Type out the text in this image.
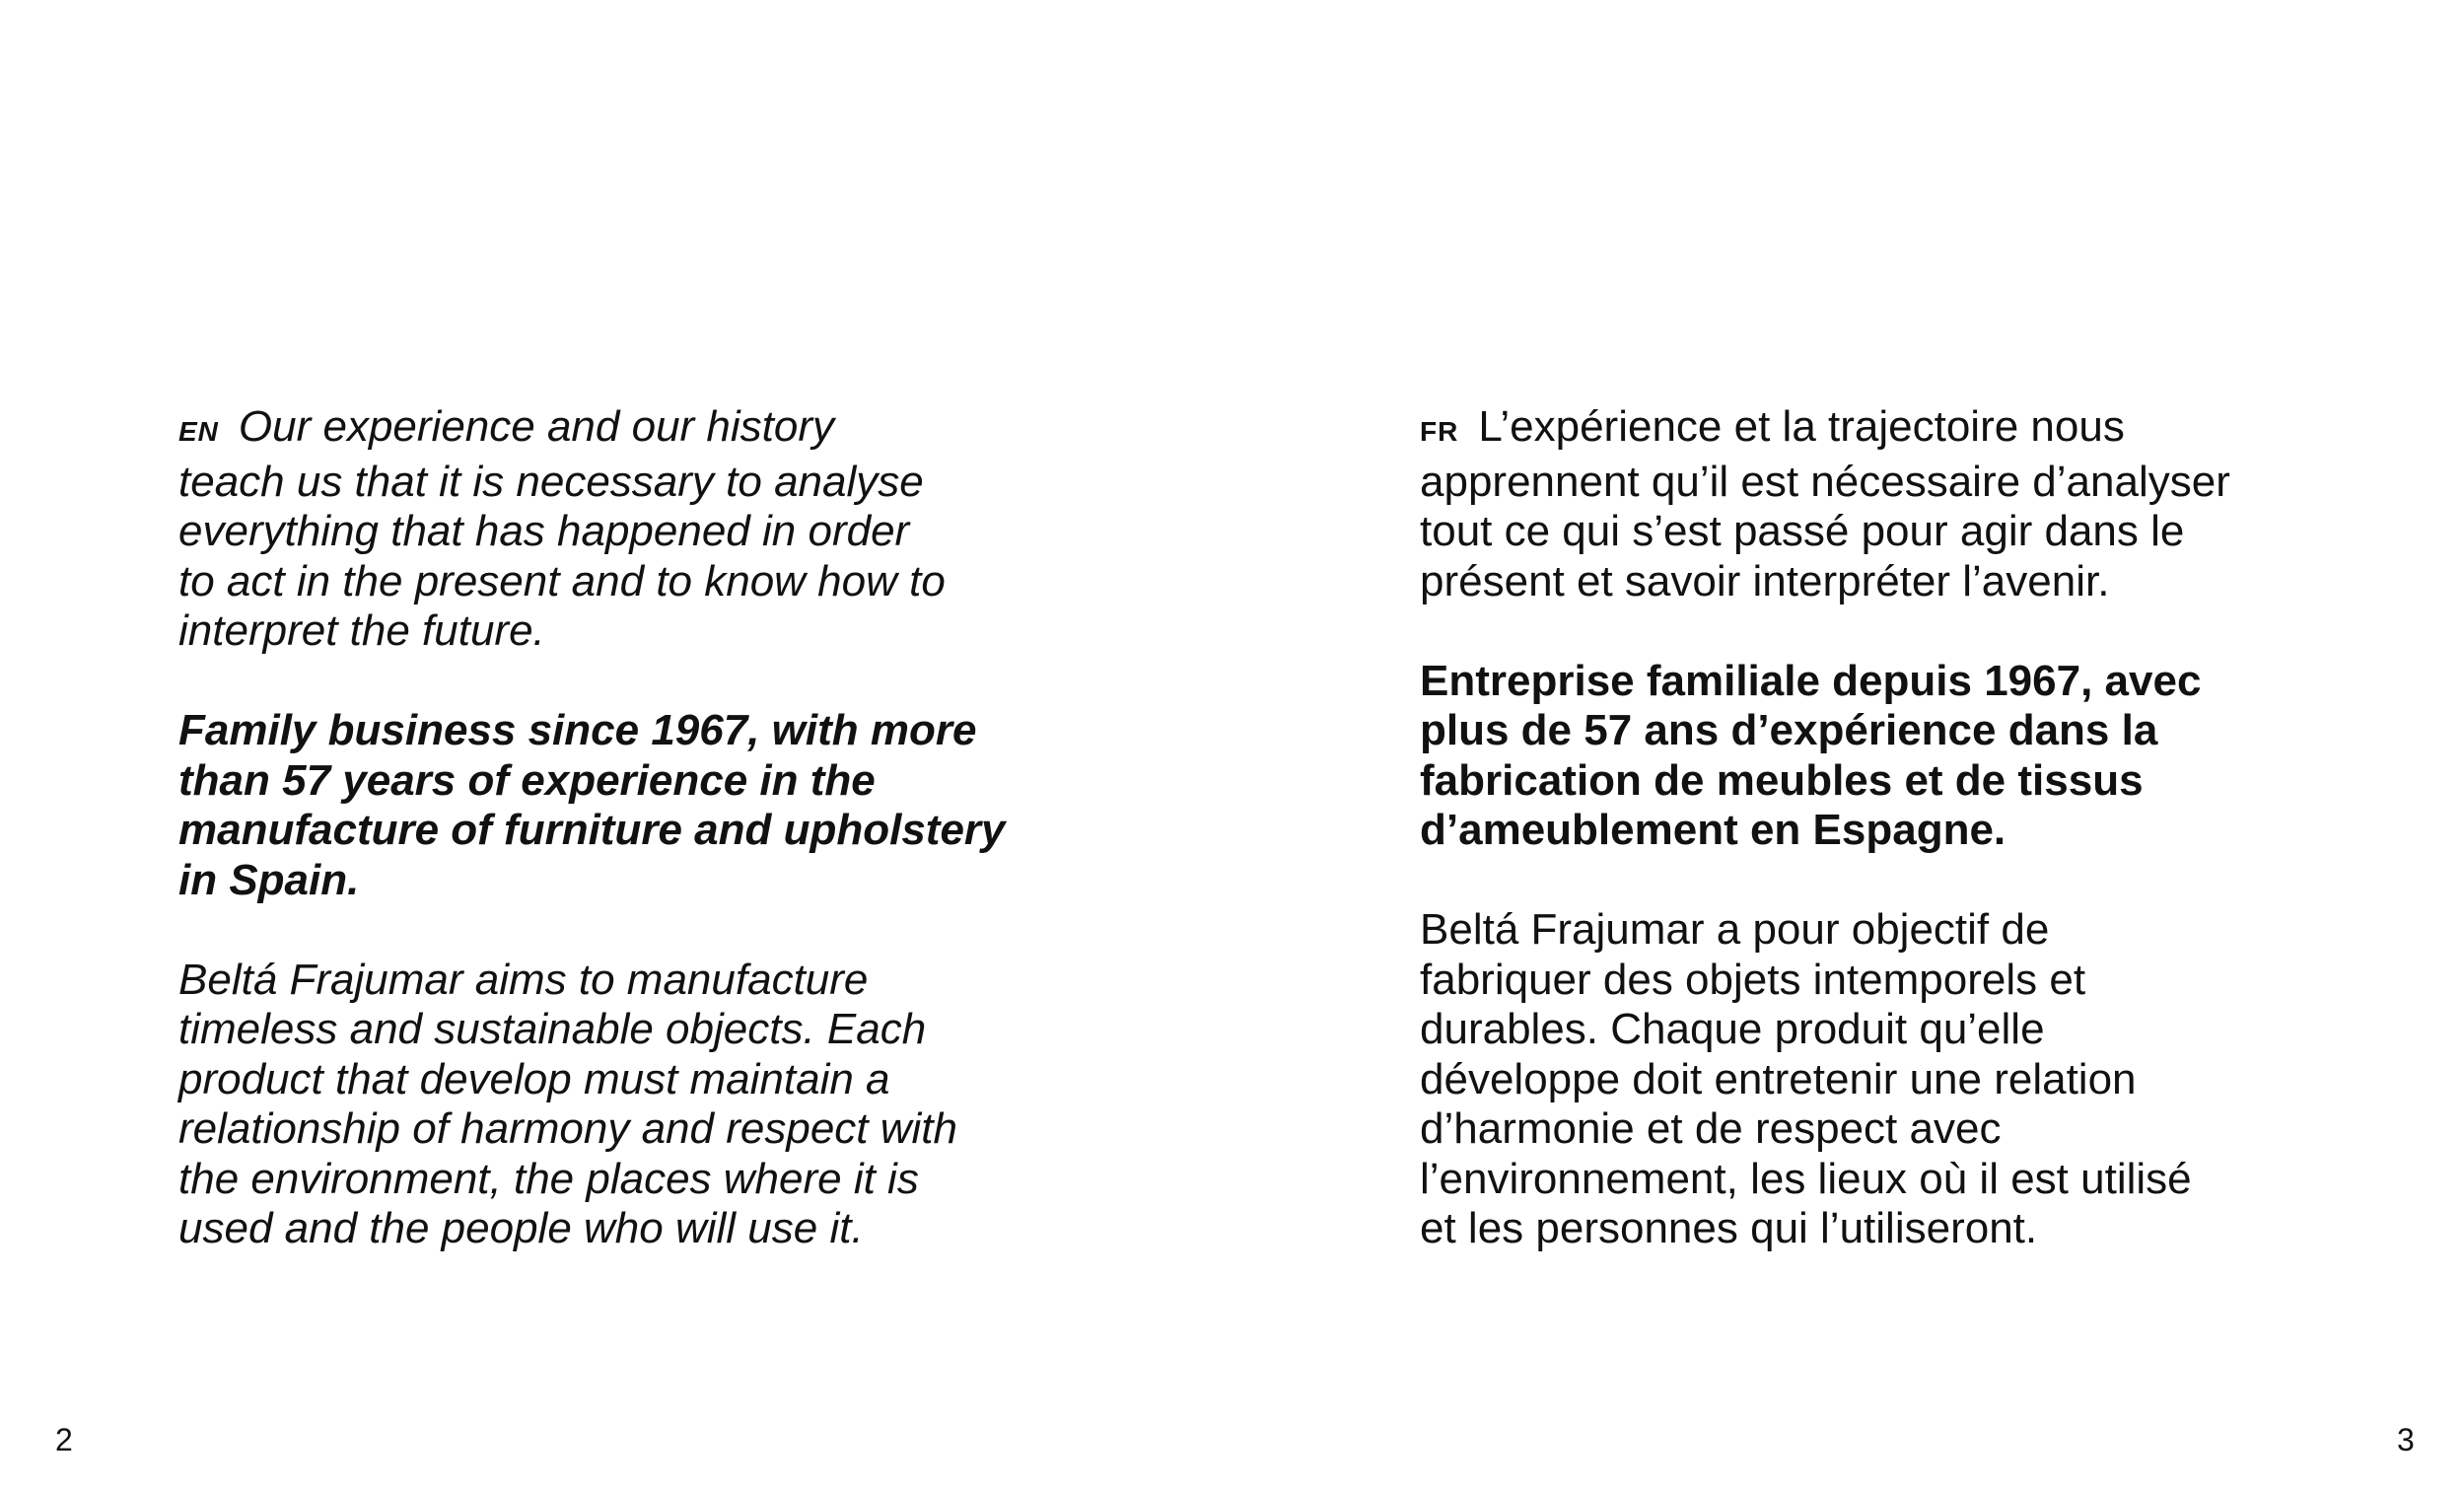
EN Our experience and our history
teach us that it is necessary to analyse
everything that has happened in order
to act in the present and to know how to
interpret the future.

Family business since 1967, with more
than 57 years of experience in the
manufacture of furniture and upholstery
in Spain.

Beltá Frajumar aims to manufacture
timeless and sustainable objects. Each
product that develop must maintain a
relationship of harmony and respect with
the environment, the places where it is
used and the people who will use it.

FR L’expérience et la trajectoire nous
apprennent qu’il est nécessaire d’analyser
tout ce qui s’est passé pour agir dans le
présent et savoir interpréter l’avenir.

Entreprise familiale depuis 1967, avec
plus de 57 ans d’expérience dans la
fabrication de meubles et de tissus
d’ameublement en Espagne.

Beltá Frajumar a pour objectif de
fabriquer des objets intemporels et
durables. Chaque produit qu’elle
développe doit entretenir une relation
d’harmonie et de respect avec
l’environnement, les lieux où il est utilisé
et les personnes qui l’utiliseront.

2	3
